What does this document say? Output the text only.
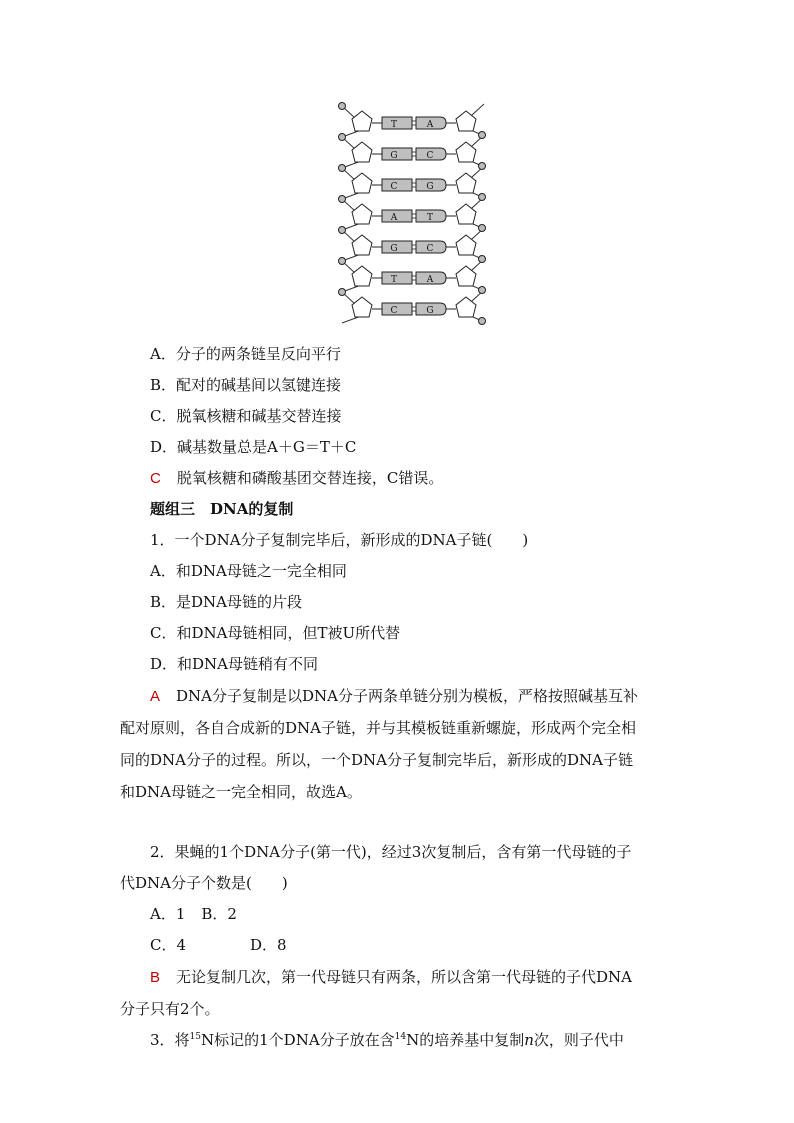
T	A
G	C
C	G
A	T
G	C
T	A
C	G
A．分子的两条链呈反向平行
B．配对的碱基间以氢键连接
C．脱氧核糖和碱基交替连接
D．碱基数量总是A＋G＝T＋C
C 脱氧核糖和磷酸基团交替连接，C错误。
题组三　DNA的复制
1．一个DNA分子复制完毕后，新形成的DNA子链(　　)
A．和DNA母链之一完全相同
B．是DNA母链的片段
C．和DNA母链相同，但T被U所代替
D．和DNA母链稍有不同
A DNA分子复制是以DNA分子两条单链分别为模板，严格按照碱基互补
配对原则，各自合成新的DNA子链，并与其模板链重新螺旋，形成两个完全相
同的DNA分子的过程。所以，一个DNA分子复制完毕后，新形成的DNA子链
和DNA母链之一完全相同，故选A。
2．果蝇的1个DNA分子(第一代)，经过3次复制后，含有第一代母链的子
代DNA分子个数是(　　)
A．1 B．2
C．4	D．8
B 无论复制几次，第一代母链只有两条，所以含第一代母链的子代DNA
分子只有2个。
3．将$^{15}$N标记的1个DNA分子放在含$^{14}$N的培养基中复制n次，则子代中
